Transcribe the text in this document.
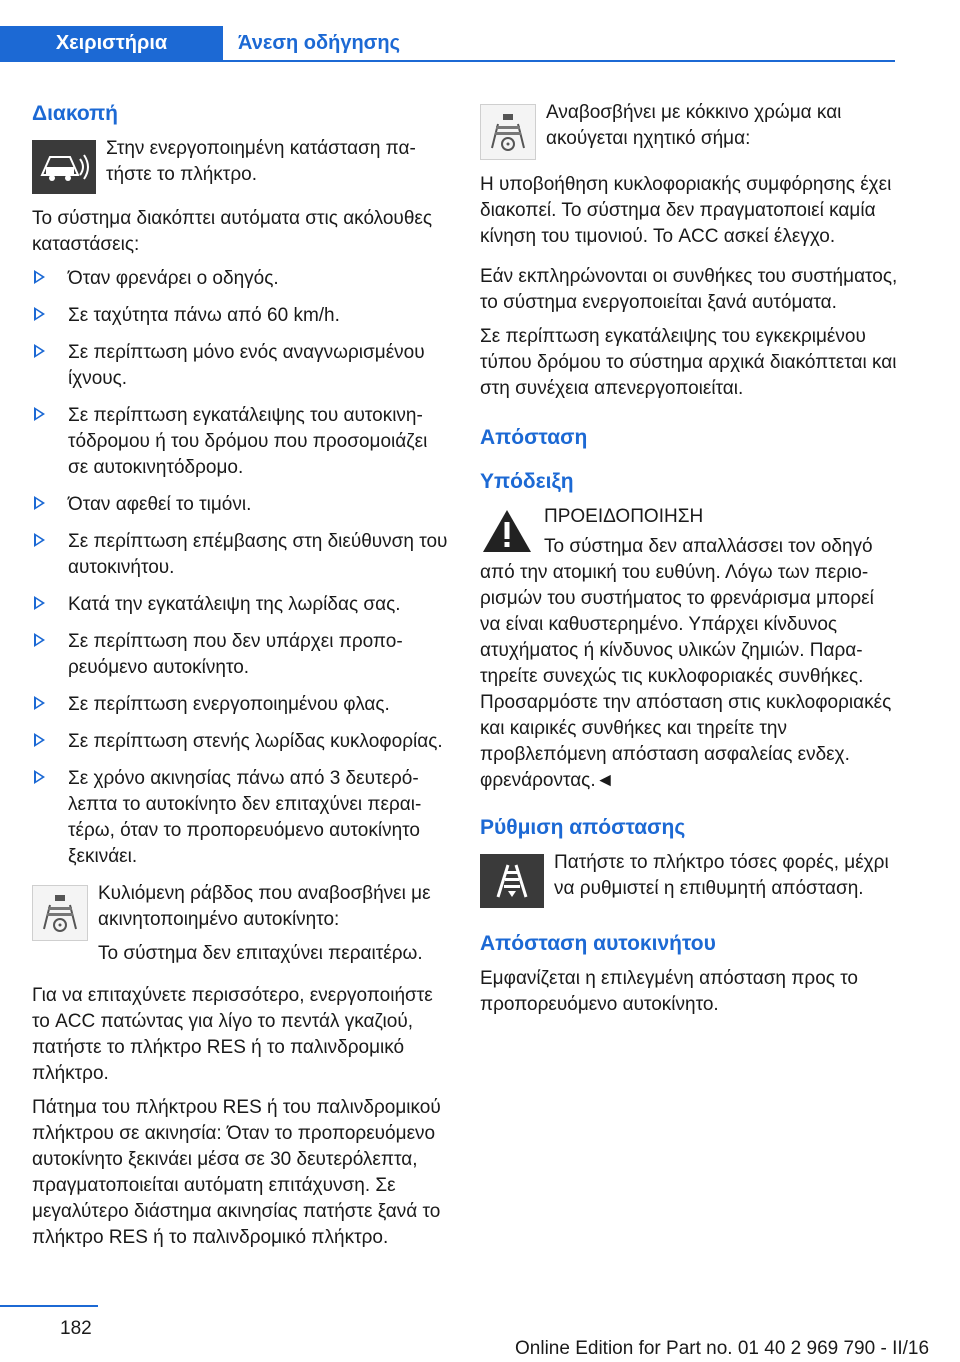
Χειριστήρια	Άνεση οδήγησης
Διακοπή
Στην ενεργοποιημένη κατάσταση πατήστε το πλήκτρο.

Το σύστημα διακόπτει αυτόματα στις ακόλουθες καταστάσεις:

Όταν φρενάρει ο οδηγός.
Σε ταχύτητα πάνω από 60 km/h.
Σε περίπτωση μόνο ενός αναγνωρισμένου ίχνους.
Σε περίπτωση εγκατάλειψης του αυτοκινητόδρομου ή του δρόμου που προσομοιάζει σε αυτοκινητόδρομο.
Όταν αφεθεί το τιμόνι.
Σε περίπτωση επέμβασης στη διεύθυνση του αυτοκινήτου.
Κατά την εγκατάλειψη της λωρίδας σας.
Σε περίπτωση που δεν υπάρχει προπορευόμενο αυτοκίνητο.
Σε περίπτωση ενεργοποιημένου φλας.
Σε περίπτωση στενής λωρίδας κυκλοφορίας.
Σε χρόνο ακινησίας πάνω από 3 δευτερόλεπτα το αυτοκίνητο δεν επιταχύνει περαιτέρω, όταν το προπορευόμενο αυτοκίνητο ξεκινάει.

Κυλιόμενη ράβδος που αναβοσβήνει με ακινητοποιημένο αυτοκίνητο:

Το σύστημα δεν επιταχύνει περαιτέρω.

Για να επιταχύνετε περισσότερο, ενεργοποιήστε το ACC πατώντας για λίγο το πεντάλ γκαζιού, πατήστε το πλήκτρο RES ή το παλινδρομικό πλήκτρο.

Πάτημα του πλήκτρου RES ή του παλινδρομικού πλήκτρου σε ακινησία: Όταν το προπορευόμενο αυτοκίνητο ξεκινάει μέσα σε 30 δευτερόλεπτα, πραγματοποιείται αυτόματη επιτάχυνση. Σε μεγαλύτερο διάστημα ακινησίας πατήστε ξανά το πλήκτρο RES ή το παλινδρομικό πλήκτρο.

Αναβοσβήνει με κόκκινο χρώμα και ακούγεται ηχητικό σήμα:

Η υποβοήθηση κυκλοφοριακής συμφόρησης έχει διακοπεί. Το σύστημα δεν πραγματοποιεί καμία κίνηση του τιμονιού. Το ACC ασκεί έλεγχο.

Εάν εκπληρώνονται οι συνθήκες του συστήματος, το σύστημα ενεργοποιείται ξανά αυτόματα.

Σε περίπτωση εγκατάλειψης του εγκεκριμένου τύπου δρόμου το σύστημα αρχικά διακόπτεται και στη συνέχεια απενεργοποιείται.

Απόσταση
Υπόδειξη
ΠΡΟΕΙΔΟΠΟΙΗΣΗ
Το σύστημα δεν απαλλάσσει τον οδηγό από την ατομική του ευθύνη. Λόγω των περιορισμών του συστήματος το φρενάρισμα μπορεί να είναι καθυστερημένο. Υπάρχει κίνδυνος ατυχήματος ή κίνδυνος υλικών ζημιών. Παρατηρείτε συνεχώς τις κυκλοφοριακές συνθήκες. Προσαρμόστε την απόσταση στις κυκλοφοριακές και καιρικές συνθήκες και τηρείτε την προβλεπόμενη απόσταση ασφαλείας ενδεχ. φρενάροντας.◄
Ρύθμιση απόστασης
Πατήστε το πλήκτρο τόσες φορές, μέχρι να ρυθμιστεί η επιθυμητή απόσταση.
Απόσταση αυτοκινήτου

Εμφανίζεται η επιλεγμένη απόσταση προς το προπορευόμενο αυτοκίνητο.

182
Online Edition for Part no. 01 40 2 969 790 - II/16
